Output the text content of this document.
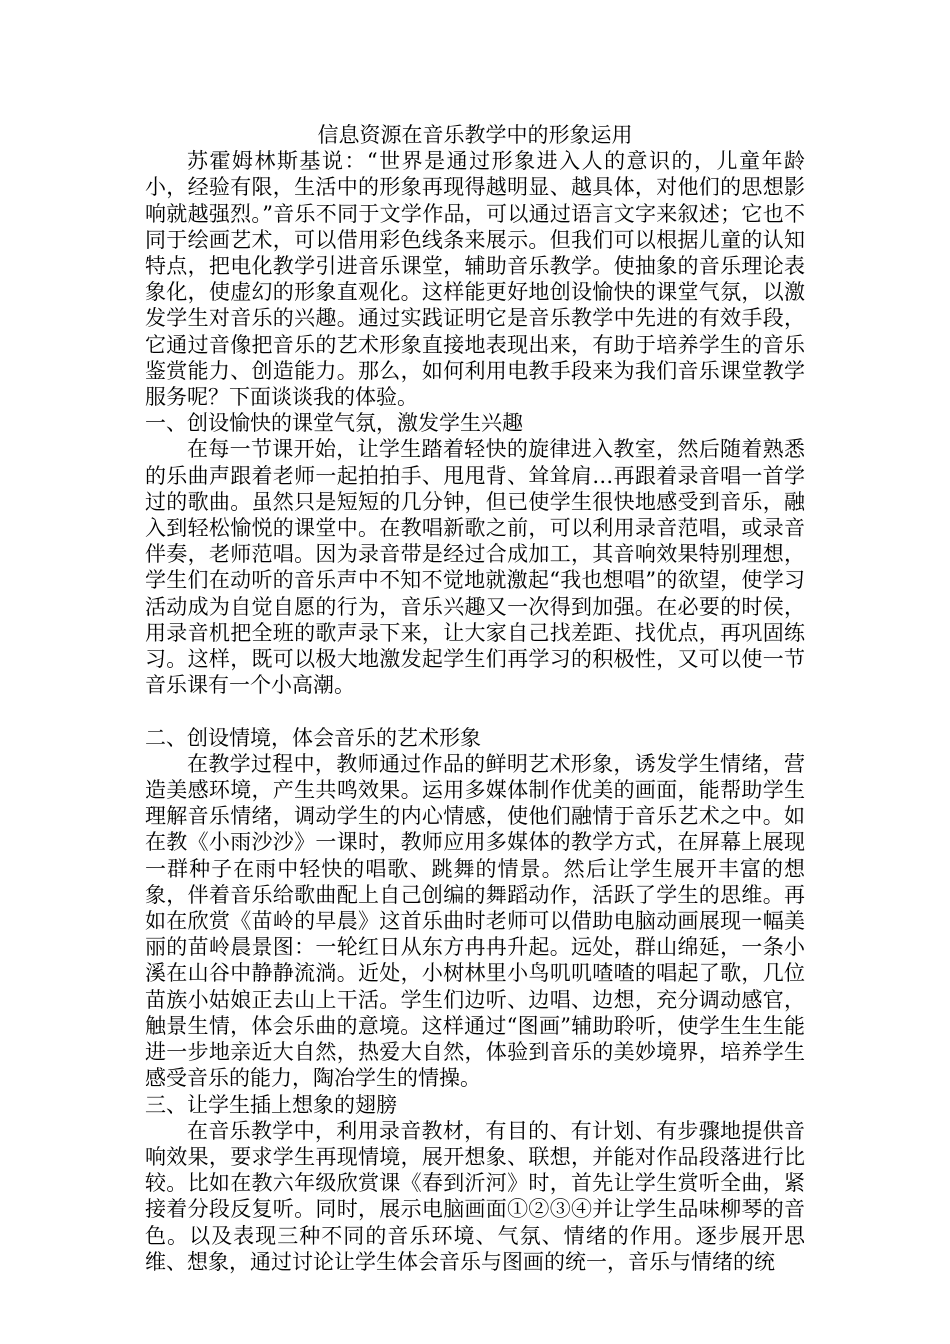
信息资源在音乐教学中的形象运用

苏霍姆林斯基说：“世界是通过形象进入人的意识的，儿童年龄小，经验有限，生活中的形象再现得越明显、越具体，对他们的思想影响就越强烈。”音乐不同于文学作品，可以通过语言文字来叙述；它也不同于绘画艺术，可以借用彩色线条来展示。但我们可以根据儿童的认知特点，把电化教学引进音乐课堂，辅助音乐教学。使抽象的音乐理论表象化，使虚幻的形象直观化。这样能更好地创设愉快的课堂气氛，以激发学生对音乐的兴趣。通过实践证明它是音乐教学中先进的有效手段，它通过音像把音乐的艺术形象直接地表现出来，有助于培养学生的音乐鉴赏能力、创造能力。那么，如何利用电教手段来为我们音乐课堂教学服务呢？下面谈谈我的体验。

一、创设愉快的课堂气氛，激发学生兴趣

在每一节课开始，让学生踏着轻快的旋律进入教室，然后随着熟悉的乐曲声跟着老师一起拍拍手、甩甩背、耸耸肩…再跟着录音唱一首学过的歌曲。虽然只是短短的几分钟，但已使学生很快地感受到音乐，融入到轻松愉悦的课堂中。在教唱新歌之前，可以利用录音范唱，或录音伴奏，老师范唱。因为录音带是经过合成加工，其音响效果特别理想，学生们在动听的音乐声中不知不觉地就激起“我也想唱”的欲望，使学习活动成为自觉自愿的行为，音乐兴趣又一次得到加强。在必要的时侯，用录音机把全班的歌声录下来，让大家自己找差距、找优点，再巩固练习。这样，既可以极大地激发起学生们再学习的积极性，又可以使一节音乐课有一个小高潮。

二、创设情境，体会音乐的艺术形象

在教学过程中，教师通过作品的鲜明艺术形象，诱发学生情绪，营造美感环境，产生共鸣效果。运用多媒体制作优美的画面，能帮助学生理解音乐情绪，调动学生的内心情感，使他们融情于音乐艺术之中。如在教《小雨沙沙》一课时，教师应用多媒体的教学方式，在屏幕上展现一群种子在雨中轻快的唱歌、跳舞的情景。然后让学生展开丰富的想象，伴着音乐给歌曲配上自己创编的舞蹈动作，活跃了学生的思维。再如在欣赏《苗岭的早晨》这首乐曲时老师可以借助电脑动画展现一幅美丽的苗岭晨景图：一轮红日从东方冉冉升起。远处，群山绵延，一条小溪在山谷中静静流淌。近处，小树林里小鸟叽叽喳喳的唱起了歌，几位苗族小姑娘正去山上干活。学生们边听、边唱、边想，充分调动感官，触景生情，体会乐曲的意境。这样通过“图画”辅助聆听，使学生生生能进一步地亲近大自然，热爱大自然，体验到音乐的美妙境界，培养学生感受音乐的能力，陶冶学生的情操。

三、让学生插上想象的翅膀

在音乐教学中，利用录音教材，有目的、有计划、有步骤地提供音响效果，要求学生再现情境，展开想象、联想，并能对作品段落进行比较。比如在教六年级欣赏课《春到沂河》时，首先让学生赏听全曲，紧接着分段反复听。同时，展示电脑画面①②③④并让学生品味柳琴的音色。以及表现三种不同的音乐环境、气氛、情绪的作用。逐步展开思维、想象，通过讨论让学生体会音乐与图画的统一，音乐与情绪的统
